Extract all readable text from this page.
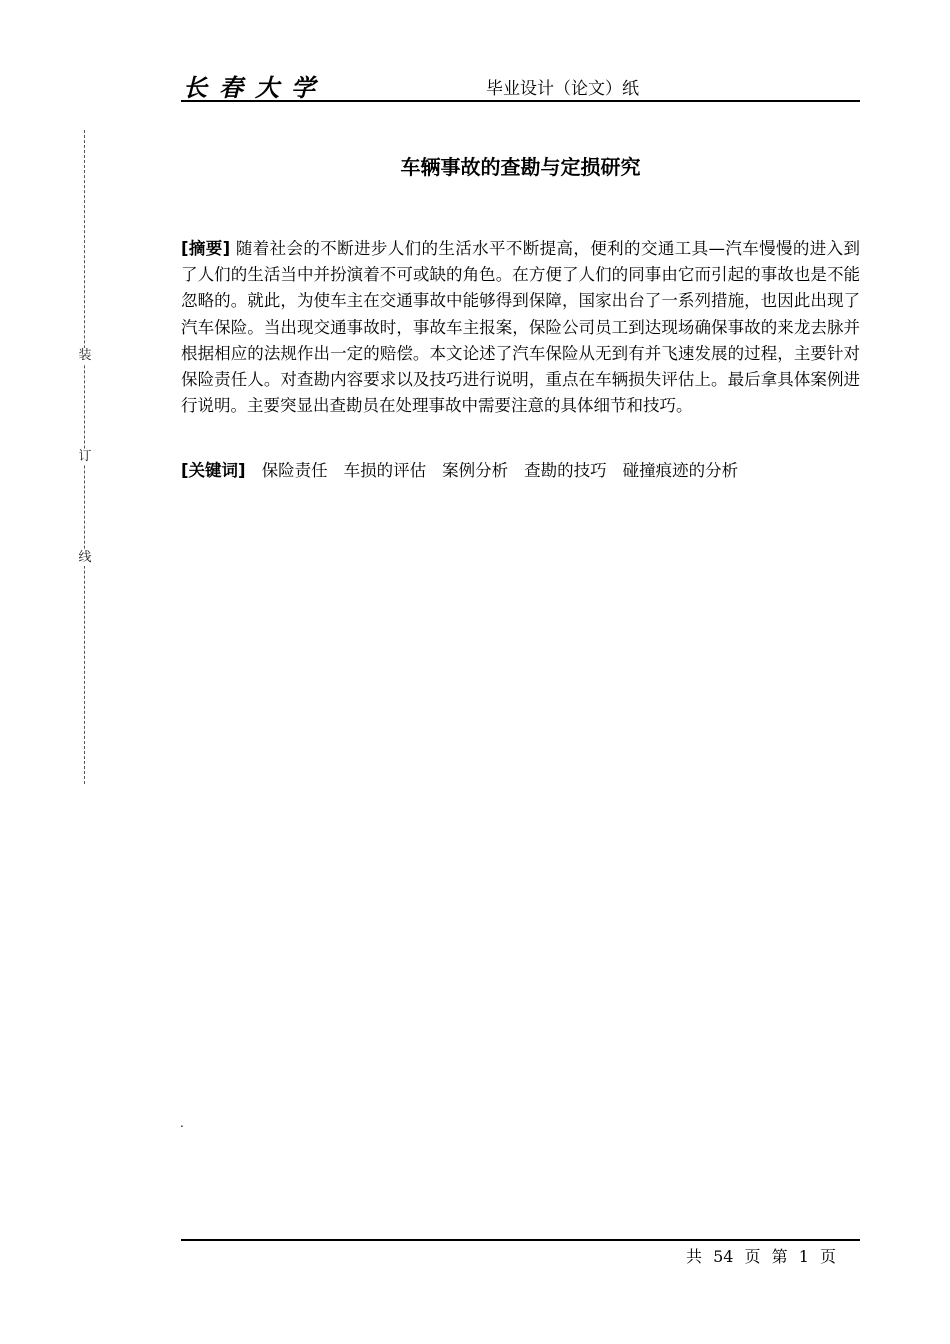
长春大学	毕业设计（论文）纸
装
订
线
车辆事故的查勘与定损研究
[摘要] 随着社会的不断进步人们的生活水平不断提高，便利的交通工具—汽车慢慢的进入到了人们的生活当中并扮演着不可或缺的角色。在方便了人们的同事由它而引起的事故也是不能忽略的。就此，为使车主在交通事故中能够得到保障，国家出台了一系列措施，也因此出现了汽车保险。当出现交通事故时，事故车主报案，保险公司员工到达现场确保事故的来龙去脉并根据相应的法规作出一定的赔偿。本文论述了汽车保险从无到有并飞速发展的过程，主要针对保险责任人。对查勘内容要求以及技巧进行说明，重点在车辆损失评估上。最后拿具体案例进行说明。主要突显出查勘员在处理事故中需要注意的具体细节和技巧。
[关键词] 保险责任 车损的评估 案例分析 查勘的技巧 碰撞痕迹的分析
.
共 54 页 第 1 页
